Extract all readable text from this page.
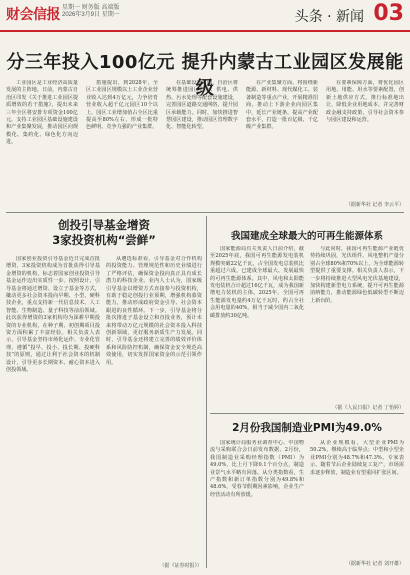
财会信报 星期一 财务版 高端版
2026年3月9日 星期一	头条 · 新闻 03
分三年投入100亿元 提升内蒙古工业园区发展能级

工业园区是工业经济高质量发展的主阵地。日前，内蒙古自治区印发《关于推进工业园区提质增效的若干措施》，提出未来三年全区将安排专项资金100亿元，支持工业园区基础设施建设和产业集聚发展，推动园区向规模化、集约化、绿色化方向迈进。

措施提出，到2028年，全区工业园区规模以上工业企业营业收入达到4万亿元，力争培育营业收入超千亿元园区10个以上，园区工业增加值占全区比重提高至80%左右，形成一批特色鲜明、竞争力强的产业集群。

在基础设施方面，自治区将统筹推进园区供水、供电、供热、污水处理等配套设施建设，完善园区道路交通网络，提升园区承载能力。同时，加快推进智慧园区建设，推动园区管理数字化、智能化转型。

在产业集聚方面，将围绕新能源、新材料、现代煤化工、装备制造等重点产业，开展精准招商，推动上下游企业向园区集中，延长产业链条，提高产业配套水平，打造一批百亿级、千亿级产业集群。

在要素保障方面，将优化园区用地、用能、用水等要素配置，创新土地供应方式，推行标准地出让，降低企业用地成本，并完善财政金融支持政策，引导社会资本参与园区建设和运营。

（据新华社 记者 李云平）
创投引导基金增资
3家投资机构“尝鲜”

国家创业投资引导基金近日完成首批增资，3家投资机构成为首批获得引导基金增资的机构，标志着国家创业投资引导基金运作迈出实质性一步。按照设计，引导基金将通过增资、设立子基金等方式，撬动更多社会资本投向早期、小型、硬科技企业，重点支持新一代信息技术、人工智能、生物制造、量子科技等前沿领域。此次获得增资的3家机构均为深耕早期投资的专业机构，在种子期、初创期项目投资方面积累了丰富经验。相关负责人表示，引导基金坚持市场化运作、专业化管理，遵循“投早、投小、投长期、投硬科技”的原则，通过让利于社会资本的机制设计，引导更多长期资本、耐心资本进入创投领域。

从遴选标准看，引导基金对合作机构的投资能力、管理规范性和历史业绩进行了严格评估，确保资金投向真正具有成长潜力的科技企业。业内人士认为，国家级引导基金以增资方式直接参与投资机构，有助于稳定创投行业预期，增强机构募资能力，推动形成政府资金引导、社会资本跟进的良性循环。下一步，引导基金将分批次推进子基金设立和直投业务，预计未来将带动万亿元规模的社会资本投入科技创新领域，更好服务新质生产力发展。同时，引导基金还将建立完善的绩效评价体系和风险防控机制，确保资金安全规范高效使用，切实发挥国家资金的示范引领作用。

（据《证券时报》）
我国建成全球最大的可再生能源体系

国家能源局有关负责人日前介绍，截至2025年底，我国可再生能源发电装机规模突破22亿千瓦，占全国发电总装机比重超过六成，已建成全球最大、发展最快的可再生能源体系。其中，风电和太阳能发电装机合计超过16亿千瓦，成为我国新增电力装机的主体。2025年，全国可再生能源发电量约4万亿千瓦时，约占全社会用电量的40%，相当于减少国内二氧化碳排放约30亿吨。

与此同时，我国可再生能源产业链优势持续巩固，光伏组件、风电整机产量分别占全球80%和70%以上，为全球能源转型提供了重要支撑。相关负责人表示，下一步将持续推进大型风电光伏基地建设，加快构建新型电力系统，提升可再生能源消纳能力，推动能源绿色低碳转型不断迈上新台阶。

（据《人民日报》记者 丁怡婷）
2月份我国制造业PMI为49.0%

国家统计局服务业调查中心、中国物流与采购联合会日前发布数据，2月份，我国制造业采购经理指数（PMI）为49.0%，比上月下降0.1个百分点，制造业景气水平略有回落。从分类指数看，生产指数和新订单指数分别为49.8%和48.6%，受春节假期因素影响，企业生产经营活动有所放缓。

从企业规模看，大型企业PMI为50.2%，继续高于临界点；中型和小型企业PMI分别为48.7%和47.3%。专家表示，随着节后企业陆续复工复产，市场需求逐步释放，制造业有望重回扩张区间。

（据新华社 记者 刘开雄）
